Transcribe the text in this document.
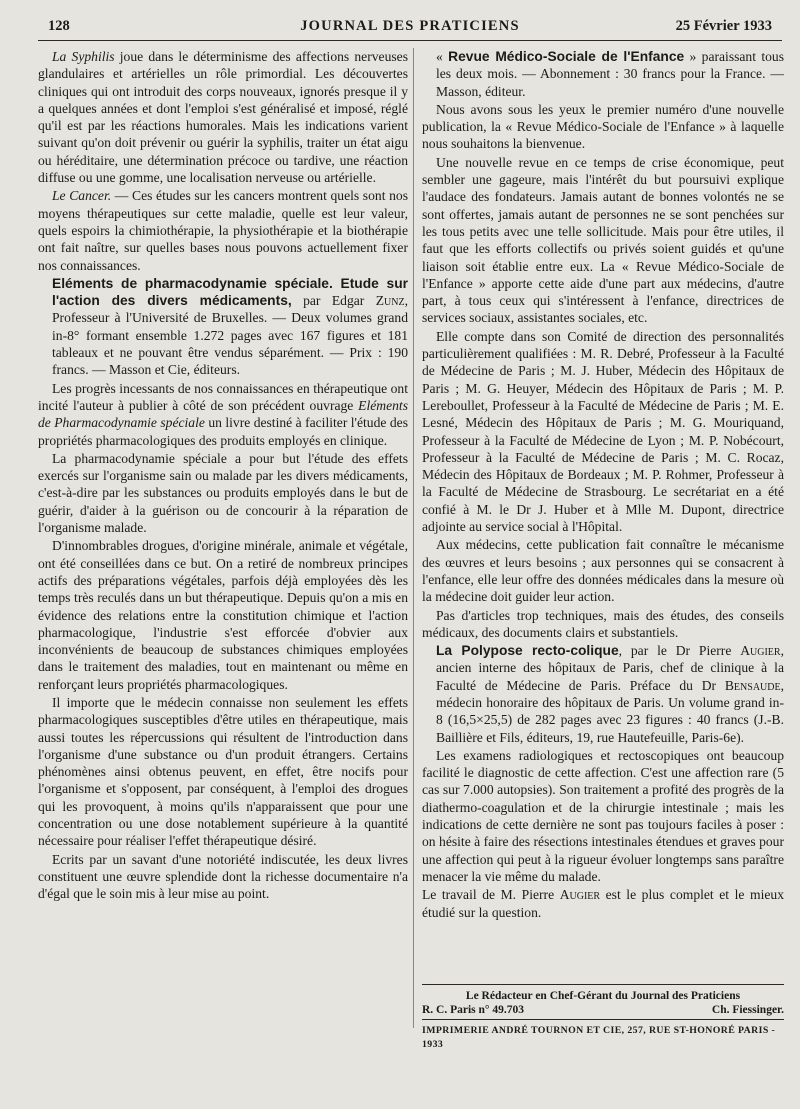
128	JOURNAL DES PRATICIENS	25 Février 1933

La Syphilis joue dans le déterminisme des affections nerveuses glandulaires et artérielles un rôle primordial. Les découvertes cliniques qui ont introduit des corps nouveaux, ignorés presque il y a quelques années et dont l'emploi s'est généralisé et imposé, réglé qu'il est par les réactions humorales. Mais les indications varient suivant qu'on doit prévenir ou guérir la syphilis, traiter un état aigu ou héréditaire, une détermination précoce ou tardive, une réaction diffuse ou une gomme, une localisation nerveuse ou artérielle.

Le Cancer. — Ces études sur les cancers montrent quels sont nos moyens thérapeutiques sur cette maladie, quelle est leur valeur, quels espoirs la chimiothérapie, la physiothérapie et la biothérapie ont fait naître, sur quelles bases nous pouvons actuellement fixer nos connaissances.

Eléments de pharmacodynamie spéciale. Etude sur l'action des divers médicaments, par Edgar Zunz, Professeur à l'Université de Bruxelles. — Deux volumes grand in-8° formant ensemble 1.272 pages avec 167 figures et 181 tableaux et ne pouvant être vendus séparément. — Prix : 190 francs. — Masson et Cie, éditeurs.

Les progrès incessants de nos connaissances en thérapeutique ont incité l'auteur à publier à côté de son précédent ouvrage Eléments de Pharmacodynamie spéciale un livre destiné à faciliter l'étude des propriétés pharmacologiques des produits employés en clinique.

La pharmacodynamie spéciale a pour but l'étude des effets exercés sur l'organisme sain ou malade par les divers médicaments, c'est-à-dire par les substances ou produits employés dans le but de guérir, d'aider à la guérison ou de concourir à la réparation de l'organisme malade.

D'innombrables drogues, d'origine minérale, animale et végétale, ont été conseillées dans ce but. On a retiré de nombreux principes actifs des préparations végétales, parfois déjà employées dès les temps très reculés dans un but thérapeutique. Depuis qu'on a mis en évidence des relations entre la constitution chimique et l'action pharmacologique, l'industrie s'est efforcée d'obvier aux inconvénients de beaucoup de substances chimiques employées dans le traitement des maladies, tout en maintenant ou même en renforçant leurs propriétés pharmacologiques.

Il importe que le médecin connaisse non seulement les effets pharmacologiques susceptibles d'être utiles en thérapeutique, mais aussi toutes les répercussions qui résultent de l'introduction dans l'organisme d'une substance ou d'un produit étrangers. Certains phénomènes ainsi obtenus peuvent, en effet, être nocifs pour l'organisme et s'opposent, par conséquent, à l'emploi des drogues qui les provoquent, à moins qu'ils n'apparaissent que pour une concentration ou une dose notablement supérieure à la quantité nécessaire pour réaliser l'effet thérapeutique désiré.

Ecrits par un savant d'une notoriété indiscutée, les deux livres constituent une œuvre splendide dont la richesse documentaire n'a d'égal que le soin mis à leur mise au point.

« Revue Médico-Sociale de l'Enfance » paraissant tous les deux mois. — Abonnement : 30 francs pour la France. — Masson, éditeur.

Nous avons sous les yeux le premier numéro d'une nouvelle publication, la « Revue Médico-Sociale de l'Enfance » à laquelle nous souhaitons la bienvenue.

Une nouvelle revue en ce temps de crise économique, peut sembler une gageure, mais l'intérêt du but poursuivi explique l'audace des fondateurs. Jamais autant de bonnes volontés ne se sont offertes, jamais autant de personnes ne se sont penchées sur les tous petits avec une telle sollicitude. Mais pour être utiles, il faut que les efforts collectifs ou privés soient guidés et qu'une liaison soit établie entre eux. La « Revue Médico-Sociale de l'Enfance » apporte cette aide d'une part aux médecins, d'autre part, à tous ceux qui s'intéressent à l'enfance, directrices de services sociaux, assistantes sociales, etc.

Elle compte dans son Comité de direction des personnalités particulièrement qualifiées : M. R. Debré, Professeur à la Faculté de Médecine de Paris ; M. J. Huber, Médecin des Hôpitaux de Paris ; M. G. Heuyer, Médecin des Hôpitaux de Paris ; M. P. Lereboullet, Professeur à la Faculté de Médecine de Paris ; M. E. Lesné, Médecin des Hôpitaux de Paris ; M. G. Mouriquand, Professeur à la Faculté de Médecine de Lyon ; M. P. Nobécourt, Professeur à la Faculté de Médecine de Paris ; M. C. Rocaz, Médecin des Hôpitaux de Bordeaux ; M. P. Rohmer, Professeur à la Faculté de Médecine de Strasbourg. Le secrétariat en a été confié à M. le Dr J. Huber et à Mlle M. Dupont, directrice adjointe au service social à l'Hôpital.

Aux médecins, cette publication fait connaître le mécanisme des œuvres et leurs besoins ; aux personnes qui se consacrent à l'enfance, elle leur offre des données médicales dans la mesure où la médecine doit guider leur action.

Pas d'articles trop techniques, mais des études, des conseils médicaux, des documents clairs et substantiels.

La Polypose recto-colique, par le Dr Pierre Augier, ancien interne des hôpitaux de Paris, chef de clinique à la Faculté de Médecine de Paris. Préface du Dr Bensaude, médecin honoraire des hôpitaux de Paris. Un volume grand in-8 (16,5×25,5) de 282 pages avec 23 figures : 40 francs (J.-B. Baillière et Fils, éditeurs, 19, rue Hautefeuille, Paris-6e).

Les examens radiologiques et rectoscopiques ont beaucoup facilité le diagnostic de cette affection. C'est une affection rare (5 cas sur 7.000 autopsies). Son traitement a profité des progrès de la diathermo-coagulation et de la chirurgie intestinale ; mais les indications de cette dernière ne sont pas toujours faciles à poser : on hésite à faire des résections intestinales étendues et graves pour une affection qui peut à la rigueur évoluer longtemps sans paraître menacer la vie même du malade.

Le travail de M. Pierre Augier est le plus complet et le mieux étudié sur la question.

Le Rédacteur en Chef-Gérant du Journal des Praticiens
R. C. Paris n° 49.703	Ch. Fiessinger.
IMPRIMERIE ANDRÉ TOURNON ET CIE, 257, RUE ST-HONORÉ PARIS - 1933
